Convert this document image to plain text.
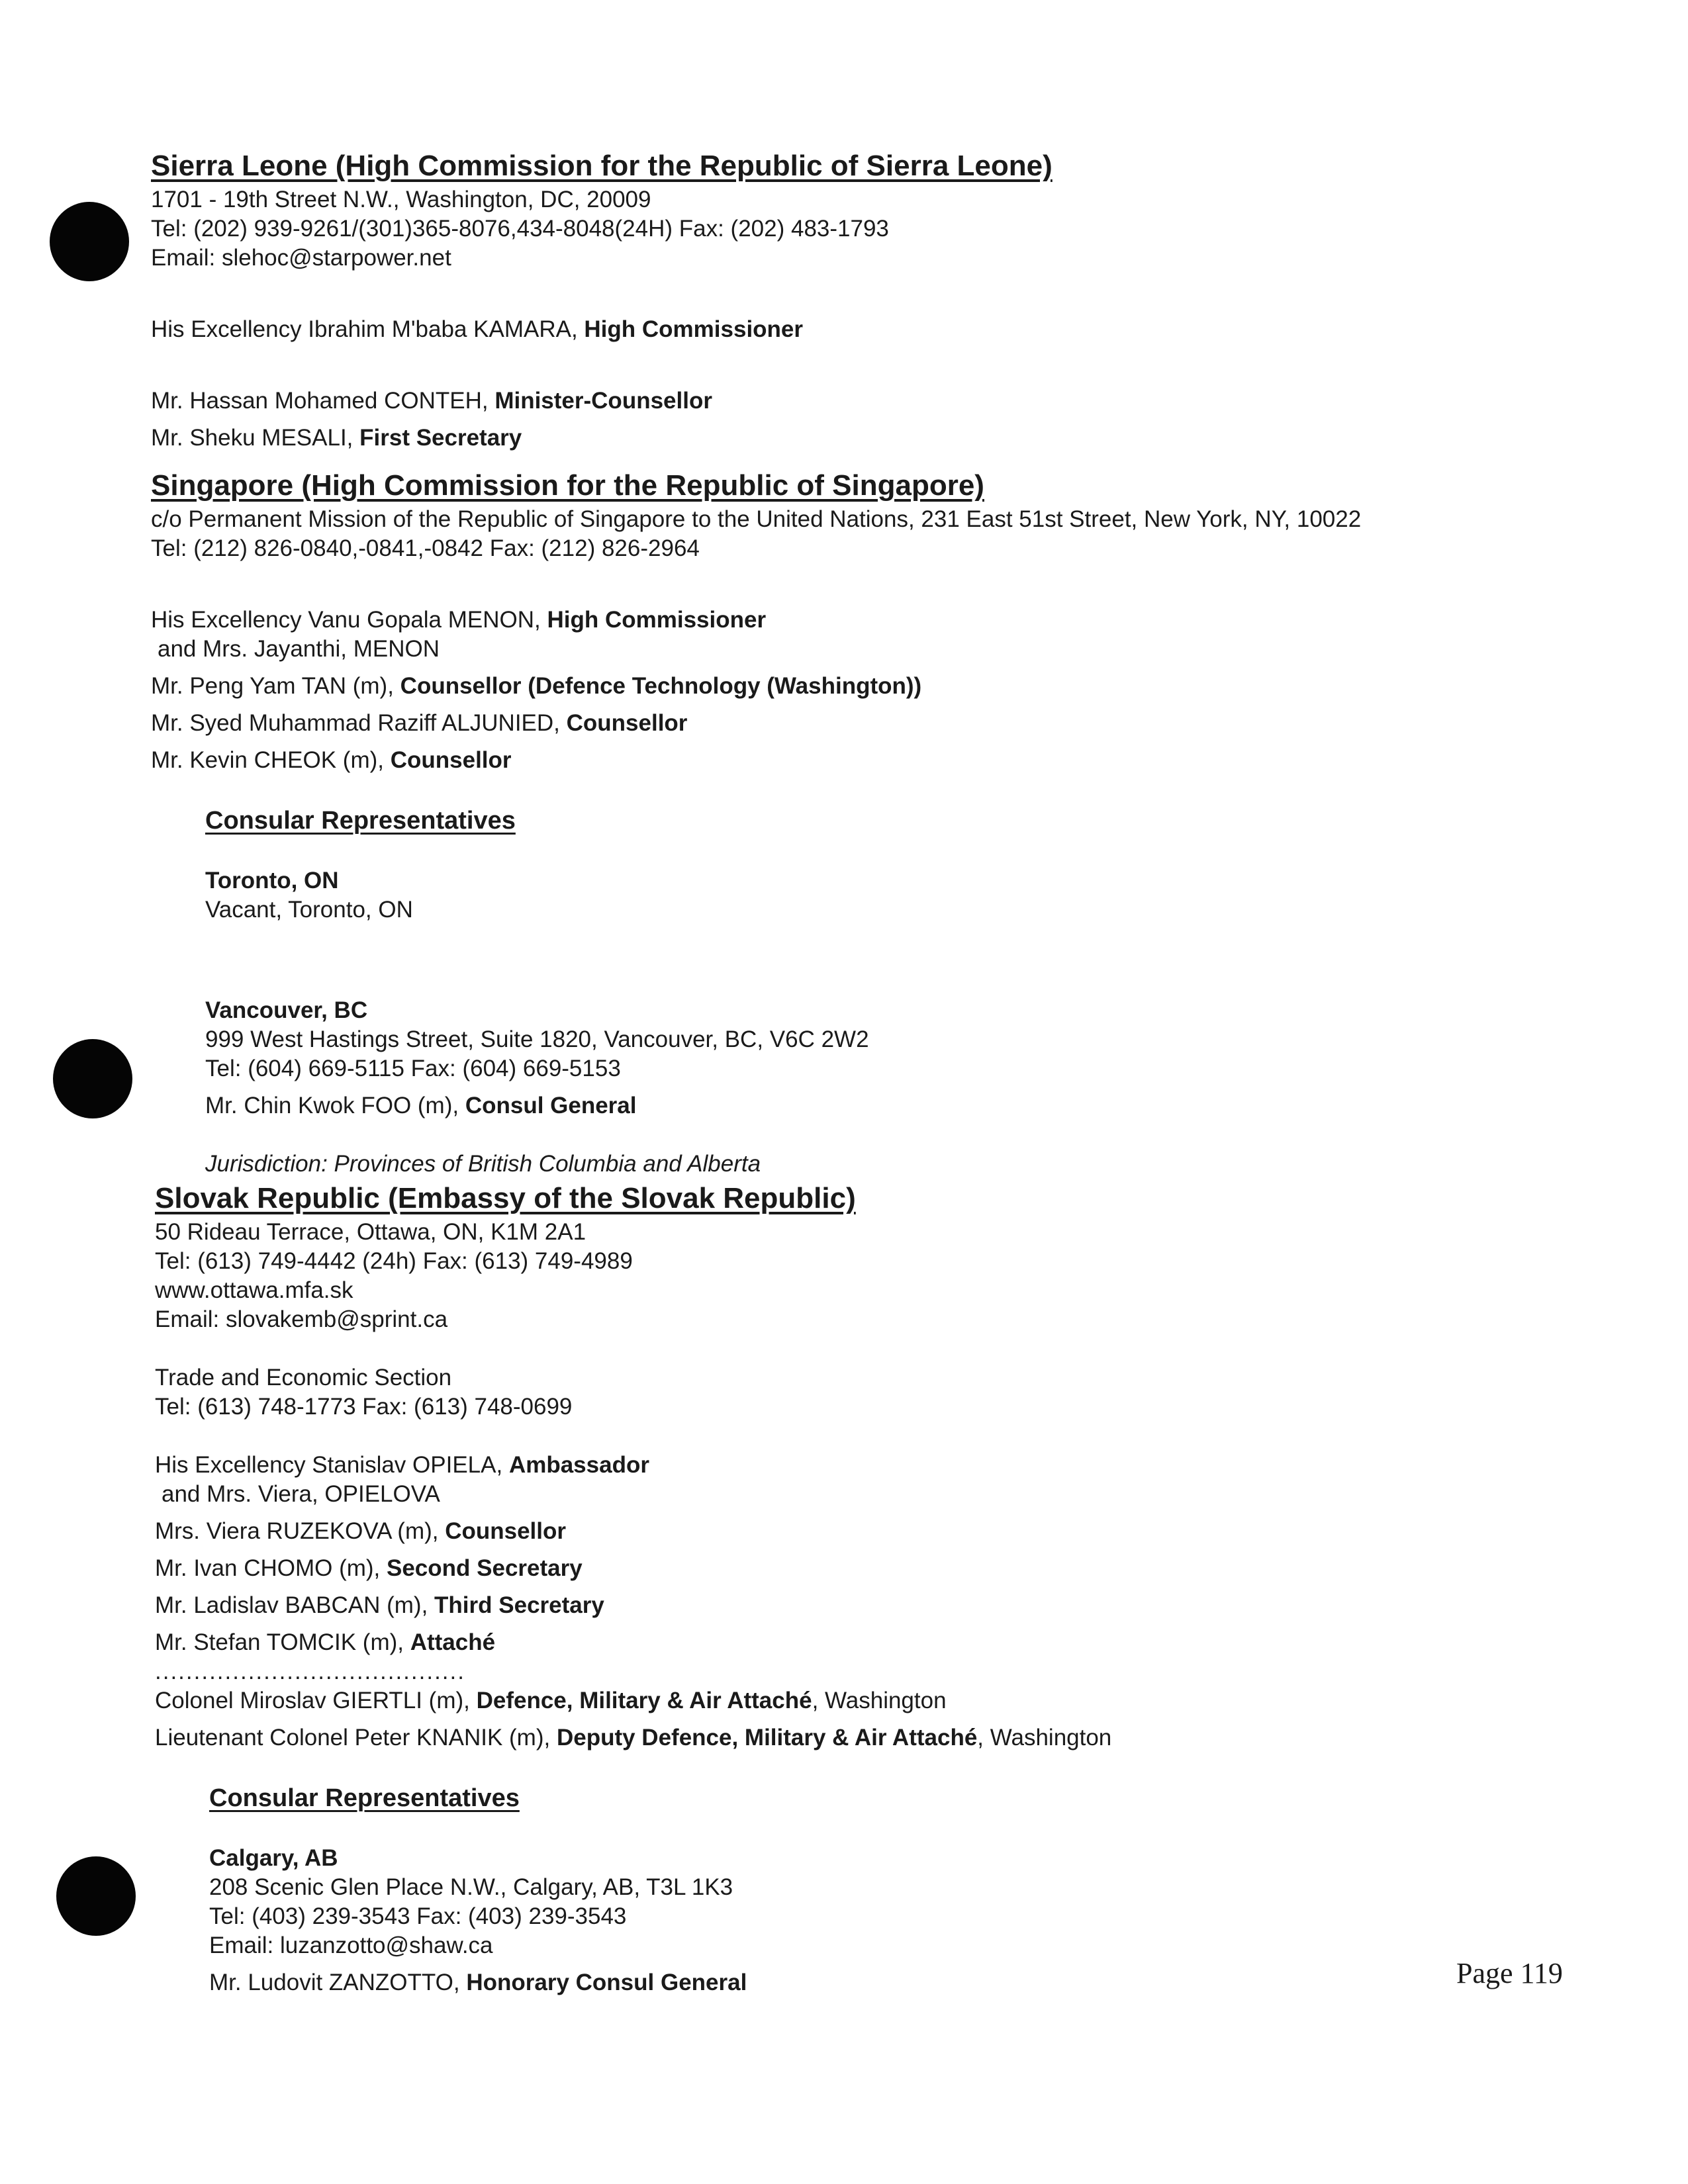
Sierra Leone (High Commission for the Republic of Sierra Leone)
1701 - 19th Street N.W., Washington, DC, 20009
Tel: (202) 939-9261/(301)365-8076,434-8048(24H) Fax: (202) 483-1793
Email: slehoc@starpower.net
His Excellency Ibrahim M'baba KAMARA, High Commissioner
Mr. Hassan Mohamed CONTEH, Minister-Counsellor
Mr. Sheku MESALI, First Secretary
Singapore (High Commission for the Republic of Singapore)
c/o Permanent Mission of the Republic of Singapore to the United Nations, 231 East 51st Street, New York, NY, 10022
Tel: (212) 826-0840,-0841,-0842 Fax: (212) 826-2964
His Excellency Vanu Gopala MENON, High Commissioner
and Mrs. Jayanthi, MENON
Mr. Peng Yam TAN (m), Counsellor (Defence Technology (Washington))
Mr. Syed Muhammad Raziff ALJUNIED, Counsellor
Mr. Kevin CHEOK (m), Counsellor
Consular Representatives
Toronto, ON
Vacant, Toronto, ON
Vancouver, BC
999 West Hastings Street, Suite 1820, Vancouver, BC, V6C 2W2
Tel: (604) 669-5115 Fax: (604) 669-5153
Mr. Chin Kwok FOO (m), Consul General
Jurisdiction: Provinces of British Columbia and Alberta
Slovak Republic (Embassy of the Slovak Republic)
50 Rideau Terrace, Ottawa, ON, K1M 2A1
Tel: (613) 749-4442 (24h) Fax: (613) 749-4989
www.ottawa.mfa.sk
Email: slovakemb@sprint.ca
Trade and Economic Section
Tel: (613) 748-1773 Fax: (613) 748-0699
His Excellency Stanislav OPIELA, Ambassador
and Mrs. Viera, OPIELOVA
Mrs. Viera RUZEKOVA (m), Counsellor
Mr. Ivan CHOMO (m), Second Secretary
Mr. Ladislav BABCAN (m), Third Secretary
Mr. Stefan TOMCIK (m), Attaché
........................................
Colonel Miroslav GIERTLI (m), Defence, Military & Air Attaché, Washington
Lieutenant Colonel Peter KNANIK (m), Deputy Defence, Military & Air Attaché, Washington
Consular Representatives
Calgary, AB
208 Scenic Glen Place N.W., Calgary, AB, T3L 1K3
Tel: (403) 239-3543 Fax: (403) 239-3543
Email: luzanzotto@shaw.ca
Mr. Ludovit ZANZOTTO, Honorary Consul General	Page 119
